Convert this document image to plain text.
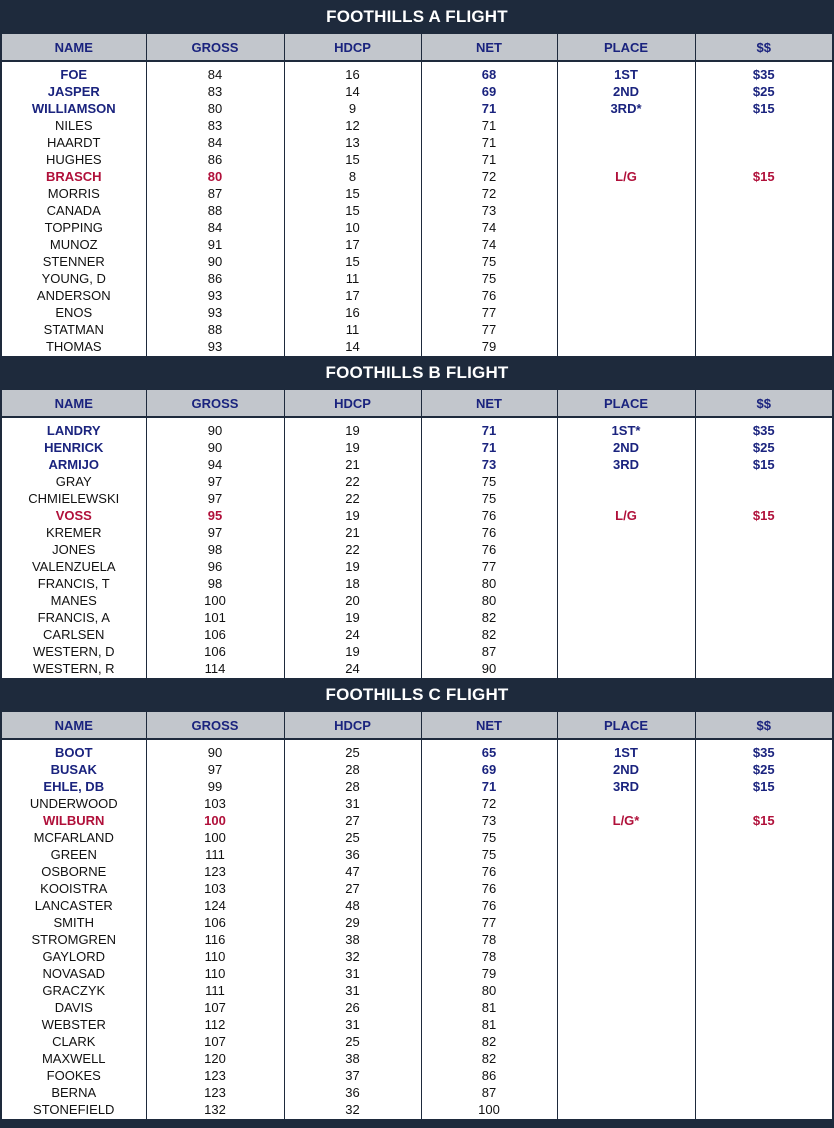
FOOTHILLS A FLIGHT
NAME	GROSS	HDCP	NET	PLACE	$$
FOE	84	16	68	1ST	$35
JASPER	83	14	69	2ND	$25
WILLIAMSON	80	9	71	3RD*	$15
NILES	83	12	71		
HAARDT	84	13	71		
HUGHES	86	15	71		
BRASCH	80	8	72	L/G	$15
MORRIS	87	15	72		
CANADA	88	15	73		
TOPPING	84	10	74		
MUNOZ	91	17	74		
STENNER	90	15	75		
YOUNG, D	86	11	75		
ANDERSON	93	17	76		
ENOS	93	16	77		
STATMAN	88	11	77		
THOMAS	93	14	79		
FOOTHILLS B FLIGHT
NAME	GROSS	HDCP	NET	PLACE	$$
LANDRY	90	19	71	1ST*	$35
HENRICK	90	19	71	2ND	$25
ARMIJO	94	21	73	3RD	$15
GRAY	97	22	75		
CHMIELEWSKI	97	22	75		
VOSS	95	19	76	L/G	$15
KREMER	97	21	76		
JONES	98	22	76		
VALENZUELA	96	19	77		
FRANCIS, T	98	18	80		
MANES	100	20	80		
FRANCIS, A	101	19	82		
CARLSEN	106	24	82		
WESTERN, D	106	19	87		
WESTERN, R	114	24	90		
FOOTHILLS C FLIGHT
NAME	GROSS	HDCP	NET	PLACE	$$
BOOT	90	25	65	1ST	$35
BUSAK	97	28	69	2ND	$25
EHLE, DB	99	28	71	3RD	$15
UNDERWOOD	103	31	72		
WILBURN	100	27	73	L/G*	$15
MCFARLAND	100	25	75		
GREEN	111	36	75		
OSBORNE	123	47	76		
KOOISTRA	103	27	76		
LANCASTER	124	48	76		
SMITH	106	29	77		
STROMGREN	116	38	78		
GAYLORD	110	32	78		
NOVASAD	110	31	79		
GRACZYK	111	31	80		
DAVIS	107	26	81		
WEBSTER	112	31	81		
CLARK	107	25	82		
MAXWELL	120	38	82		
FOOKES	123	37	86		
BERNA	123	36	87		
STONEFIELD	132	32	100		
